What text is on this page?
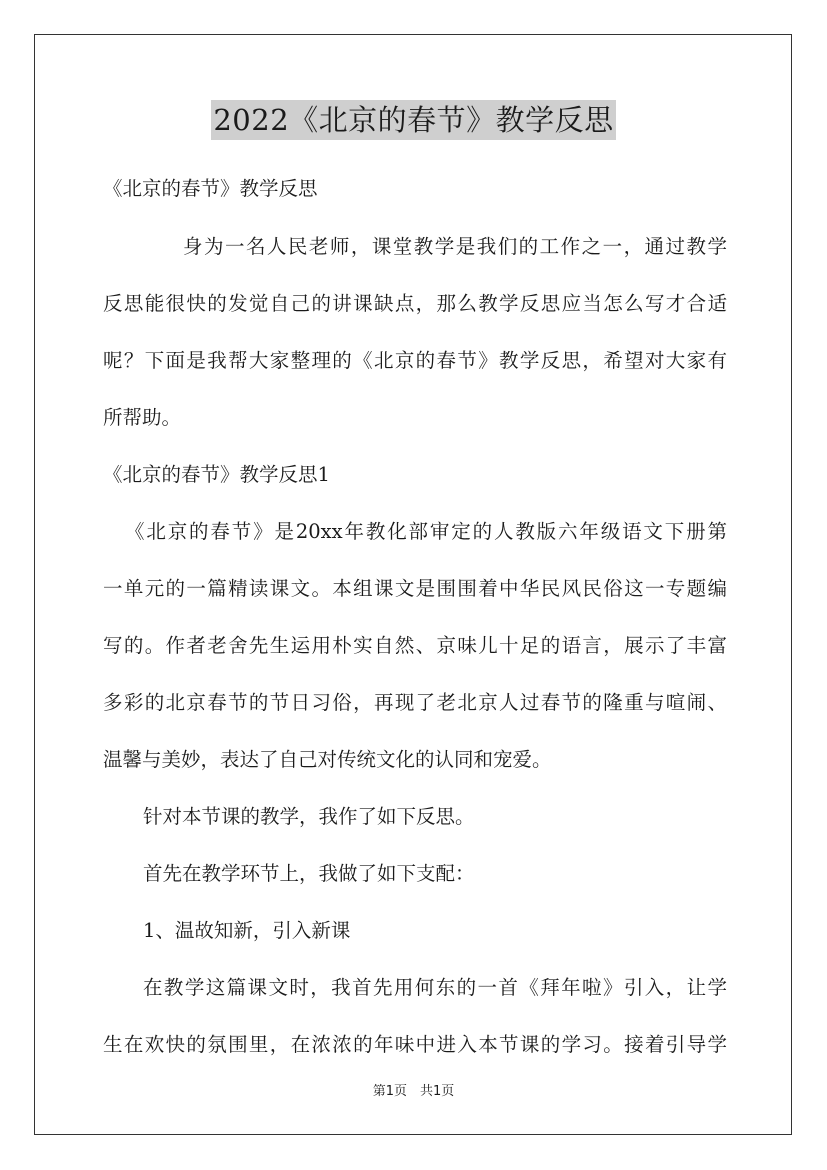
2022《北京的春节》教学反思
《北京的春节》教学反思
身为一名人民老师，课堂教学是我们的工作之一，通过教学
反思能很快的发觉自己的讲课缺点，那么教学反思应当怎么写才合适
呢？下面是我帮大家整理的《北京的春节》教学反思，希望对大家有
所帮助。
《北京的春节》教学反思1
《北京的春节》是20xx年教化部审定的人教版六年级语文下册第
一单元的一篇精读课文。本组课文是围围着中华民风民俗这一专题编
写的。作者老舍先生运用朴实自然、京味儿十足的语言，展示了丰富
多彩的北京春节的节日习俗，再现了老北京人过春节的隆重与喧闹、
温馨与美妙，表达了自己对传统文化的认同和宠爱。
针对本节课的教学，我作了如下反思。
首先在教学环节上，我做了如下支配：
1、温故知新，引入新课
在教学这篇课文时，我首先用何东的一首《拜年啦》引入，让学
生在欢快的氛围里，在浓浓的年味中进入本节课的学习。接着引导学
第1页　共1页
